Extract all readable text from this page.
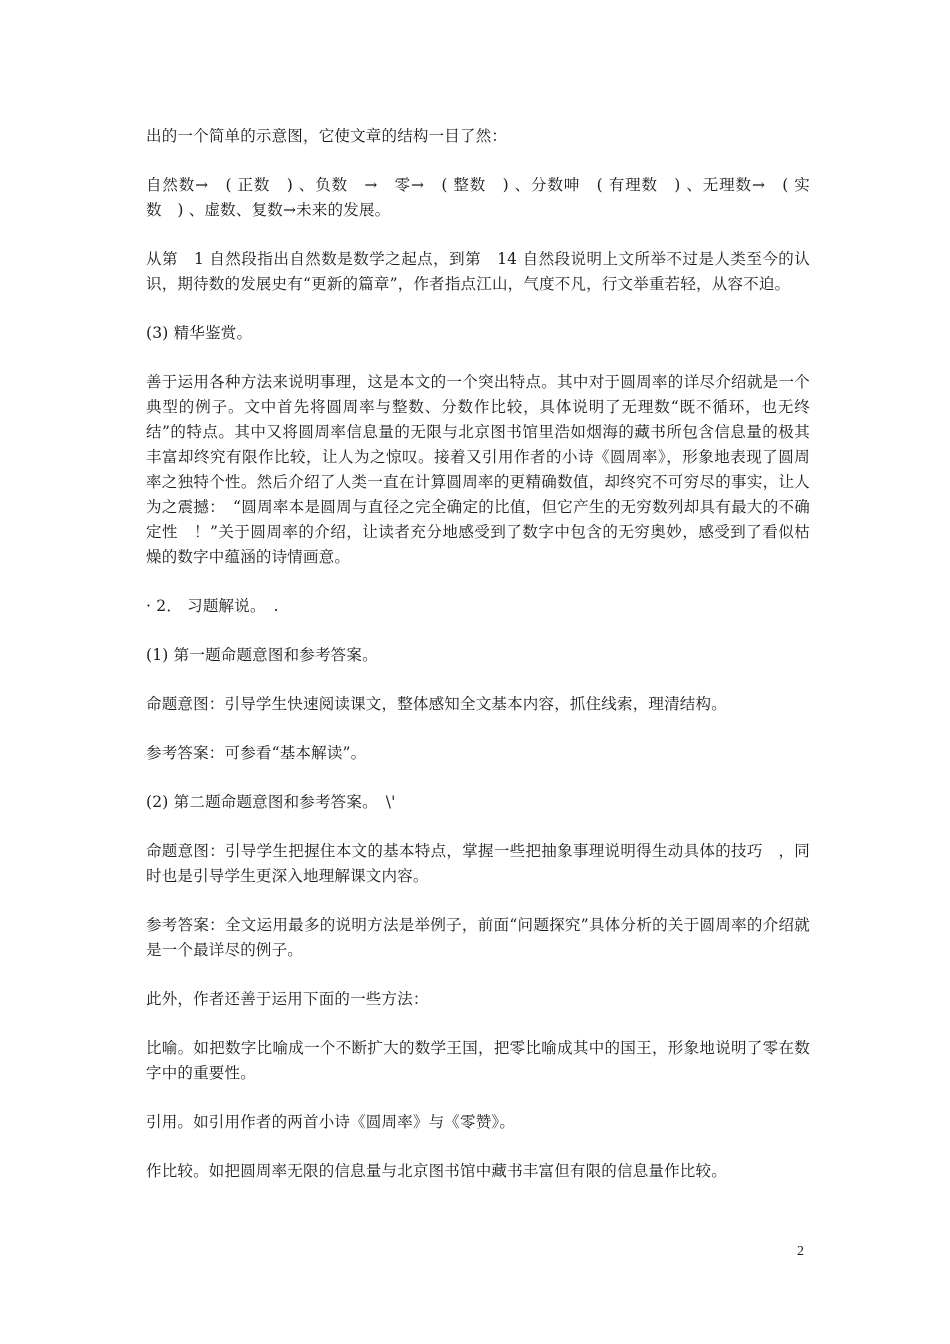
出的一个简单的示意图，它使文章的结构一目了然：

自然数→　( 正数　) 、负数　→　零→　( 整数　) 、分数呻　( 有理数　) 、无理数→　( 实数　) 、虚数、复数→未来的发展。

从第　1 自然段指出自然数是数学之起点，到第　14 自然段说明上文所举不过是人类至今的认识，期待数的发展史有“更新的篇章”，作者指点江山，气度不凡，行文举重若轻，从容不迫。

(3) 精华鉴赏。

善于运用各种方法来说明事理，这是本文的一个突出特点。其中对于圆周率的详尽介绍就是一个典型的例子。文中首先将圆周率与整数、分数作比较，具体说明了无理数“既不循环，也无终结”的特点。其中又将圆周率信息量的无限与北京图书馆里浩如烟海的藏书所包含信息量的极其丰富却终究有限作比较，让人为之惊叹。接着又引用作者的小诗《圆周率》，形象地表现了圆周率之独特个性。然后介绍了人类一直在计算圆周率的更精确数值，却终究不可穷尽的事实，让人为之震撼：　“圆周率本是圆周与直径之完全确定的比值，但它产生的无穷数列却具有最大的不确定性　！”关于圆周率的介绍，让读者充分地感受到了数字中包含的无穷奥妙，感受到了看似枯燥的数字中蕴涵的诗情画意。

· 2． 习题解说。　.

(1) 第一题命题意图和参考答案。

命题意图：引导学生快速阅读课文，整体感知全文基本内容，抓住线索，理清结构。

参考答案：可参看“基本解读”。

(2) 第二题命题意图和参考答案。　\'

命题意图：引导学生把握住本文的基本特点，掌握一些把抽象事理说明得生动具体的技巧　，同时也是引导学生更深入地理解课文内容。

参考答案：全文运用最多的说明方法是举例子，前面“问题探究”具体分析的关于圆周率的介绍就是一个最详尽的例子。

此外，作者还善于运用下面的一些方法：

比喻。如把数字比喻成一个不断扩大的数学王国，把零比喻成其中的国王，形象地说明了零在数字中的重要性。

引用。如引用作者的两首小诗《圆周率》与《零赞》。

作比较。如把圆周率无限的信息量与北京图书馆中藏书丰富但有限的信息量作比较。

2
